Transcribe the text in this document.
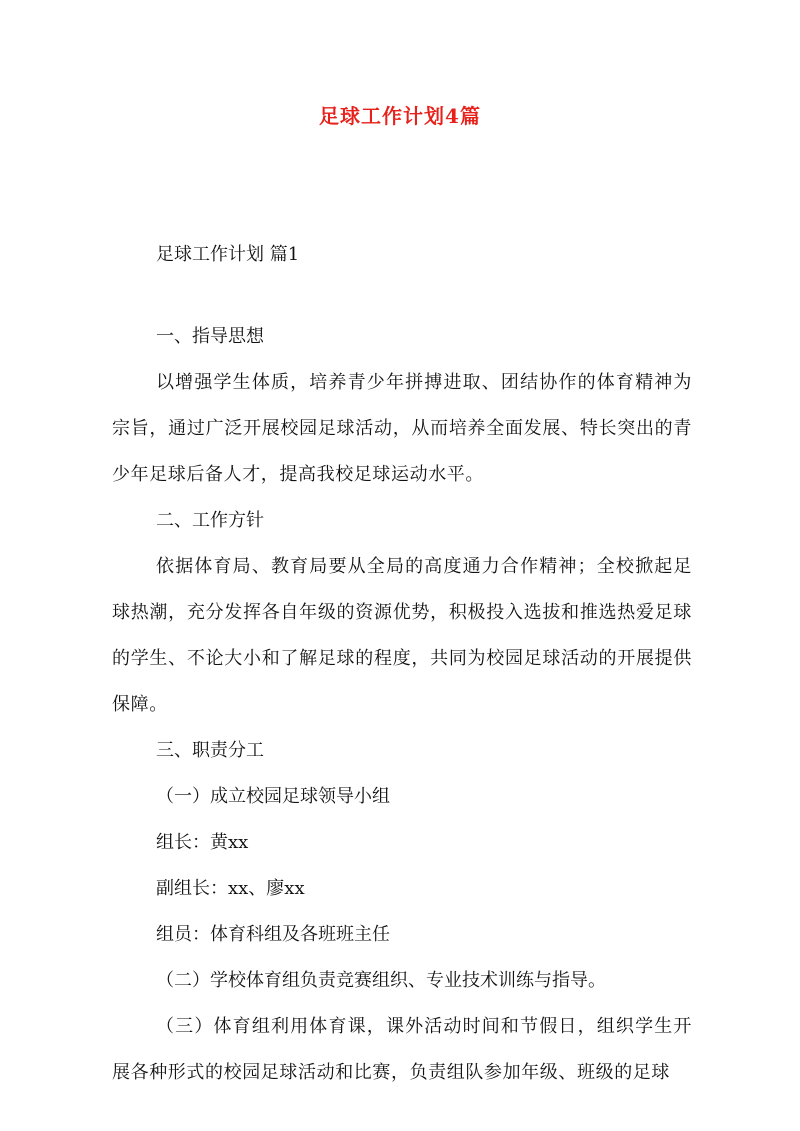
足球工作计划4篇

足球工作计划 篇1

一、指导思想

以增强学生体质，培养青少年拼搏进取、团结协作的体育精神为宗旨，通过广泛开展校园足球活动，从而培养全面发展、特长突出的青少年足球后备人才，提高我校足球运动水平。

二、工作方针

依据体育局、教育局要从全局的高度通力合作精神；全校掀起足球热潮，充分发挥各自年级的资源优势，积极投入选拔和推选热爱足球的学生、不论大小和了解足球的程度，共同为校园足球活动的开展提供保障。

三、职责分工

（一）成立校园足球领导小组

组长：黄xx

副组长：xx、廖xx

组员：体育科组及各班班主任

（二）学校体育组负责竞赛组织、专业技术训练与指导。

（三）体育组利用体育课，课外活动时间和节假日，组织学生开展各种形式的校园足球活动和比赛，负责组队参加年级、班级的足球
